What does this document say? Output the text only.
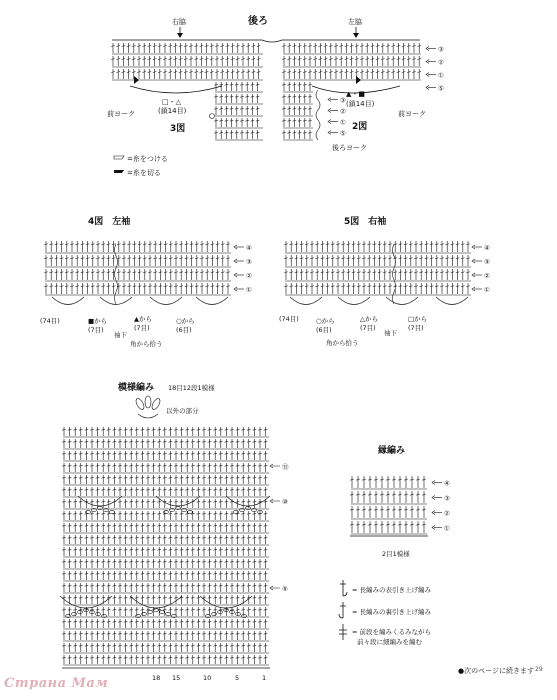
後ろ
右脇	左脇
□・△
(鎖14目)
▲・■
(鎖14目)
3図	2図
前ヨーク	前ヨーク
後ろヨーク
③
②
①
⑤
③
②
①
⑤
=糸をつける
=糸を切る
4図　左袖
④
③
②
①
(74目)	■から
(7目)
▲から
(7目)
○から
(6目)
袖下
角から拾う
5図　右袖
④
③
②
①
(74目)	○から
(6目)
△から
(7目)
□から
(7目)
袖下
角から拾う
模様編み 18目12段1模様
以外の部分
⑮
⑩
⑤
18 15	10	5	1
縁編み
④
③
②
①
2目1模様
= 長編みの表引き上げ編み
= 長編みの裏引き上げ編み
= 前段を編みくるみながら
前々段に細編みを編む
●次のページに続きます 29
Страна Мам
